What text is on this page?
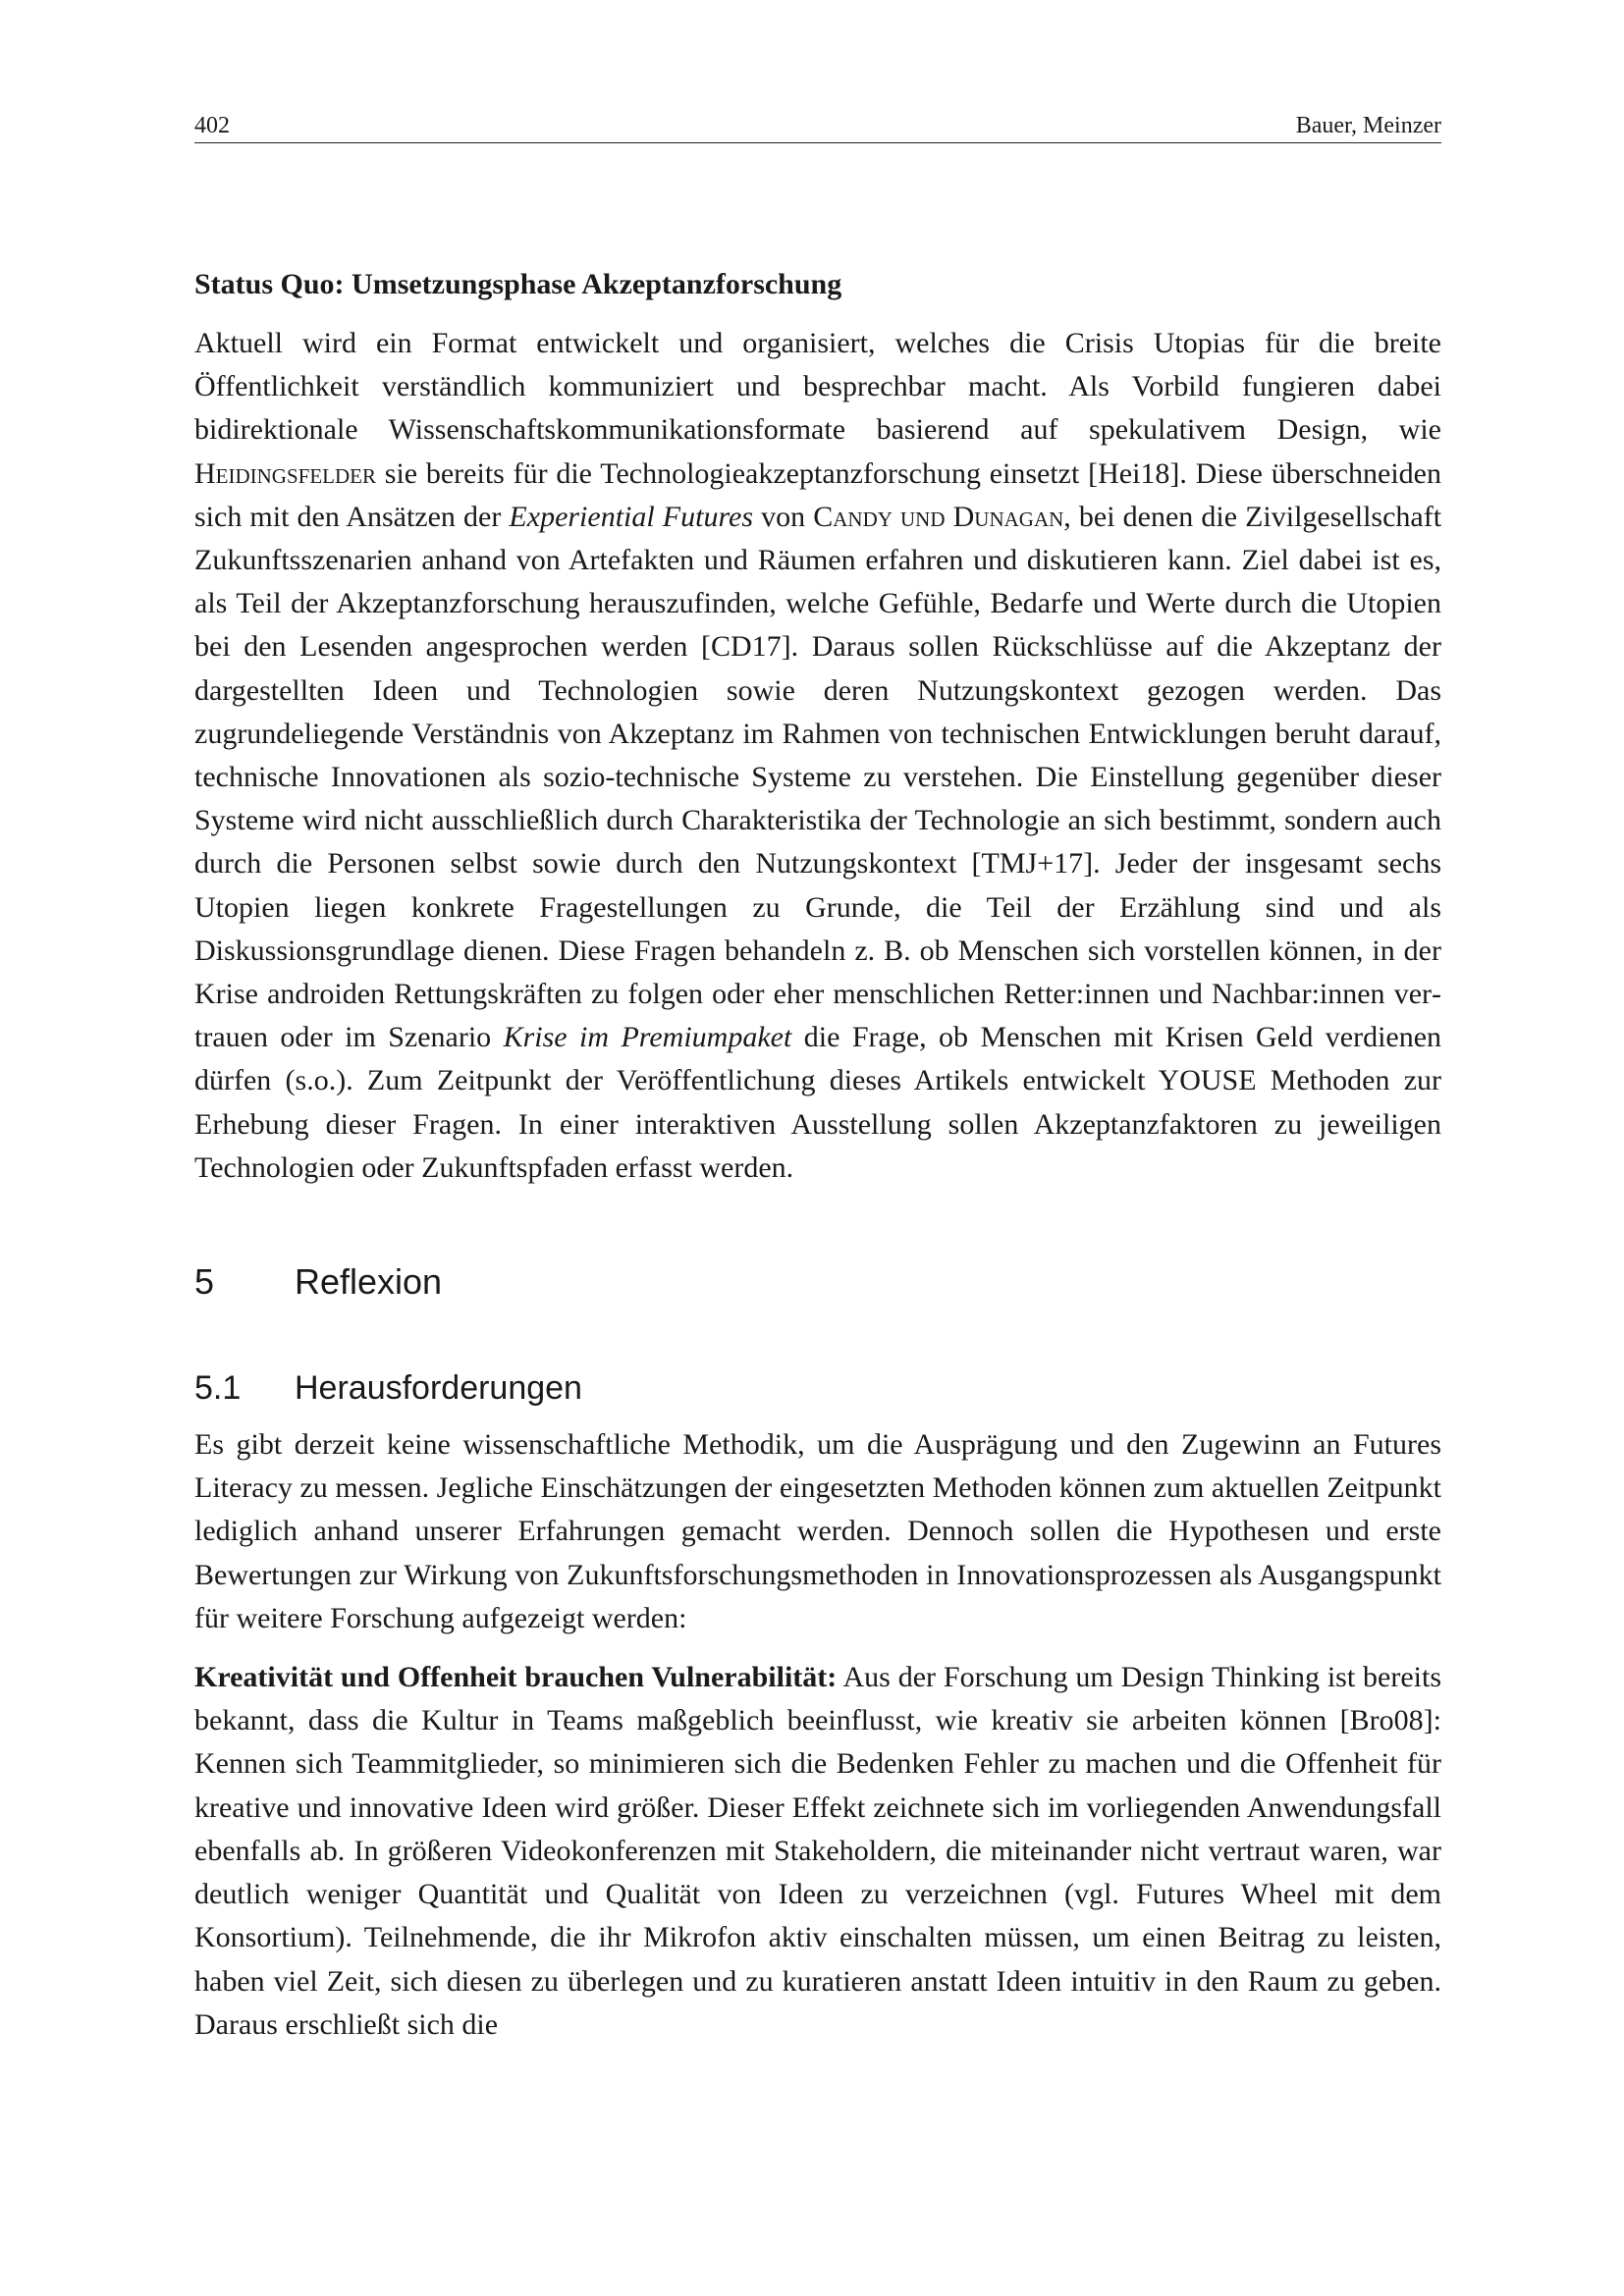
402	Bauer, Meinzer

Status Quo: Umsetzungsphase Akzeptanzforschung

Aktuell wird ein Format entwickelt und organisiert, welches die Crisis Utopias für die breite Öffentlichkeit verständlich kommuniziert und besprechbar macht. Als Vorbild fungieren dabei bidirektionale Wissenschaftskommunikationsformate basierend auf spekulativem Design, wie Heidingsfelder sie bereits für die Technologieakzeptanzforschung einsetzt [Hei18]. Diese überschneiden sich mit den Ansätzen der Experiential Futures von Candy und Dunagan, bei denen die Zivilgesellschaft Zukunftsszenarien anhand von Artefakten und Räumen erfahren und diskutieren kann. Ziel dabei ist es, als Teil der Akzeptanzforschung herauszufinden, welche Gefühle, Bedarfe und Werte durch die Utopien bei den Lesenden angesprochen werden [CD17]. Daraus sollen Rückschlüsse auf die Akzeptanz der dargestellten Ideen und Technologien sowie deren Nutzungskontext gezogen werden. Das zugrundeliegende Verständnis von Akzeptanz im Rahmen von technischen Entwicklungen beruht darauf, technische Innovationen als sozio-technische Systeme zu verstehen. Die Einstellung gegenüber dieser Systeme wird nicht ausschließlich durch Charakteristika der Technologie an sich bestimmt, sondern auch durch die Personen selbst sowie durch den Nutzungskontext [TMJ+17]. Jeder der insgesamt sechs Utopien liegen konkrete Fragestellungen zu Grunde, die Teil der Erzählung sind und als Diskussionsgrundlage dienen. Diese Fragen behandeln z. B. ob Menschen sich vorstellen können, in der Krise androiden Rettungskräften zu folgen oder eher menschlichen Retter:innen und Nachbar:innen vertrauen oder im Szenario Krise im Premiumpaket die Frage, ob Menschen mit Krisen Geld verdienen dürfen (s.o.). Zum Zeitpunkt der Veröffentlichung dieses Artikels entwickelt YOUSE Methoden zur Erhebung dieser Fragen. In einer interaktiven Ausstellung sollen Akzeptanzfaktoren zu jeweiligen Technologien oder Zukunftspfaden erfasst werden.

5	Reflexion
5.1	Herausforderungen

Es gibt derzeit keine wissenschaftliche Methodik, um die Ausprägung und den Zugewinn an Futures Literacy zu messen. Jegliche Einschätzungen der eingesetzten Methoden können zum aktuellen Zeitpunkt lediglich anhand unserer Erfahrungen gemacht werden. Dennoch sollen die Hypothesen und erste Bewertungen zur Wirkung von Zukunftsforschungsmethoden in Innovationsprozessen als Ausgangspunkt für weitere Forschung aufgezeigt werden:

Kreativität und Offenheit brauchen Vulnerabilität: Aus der Forschung um Design Thinking ist bereits bekannt, dass die Kultur in Teams maßgeblich beeinflusst, wie kreativ sie arbeiten können [Bro08]: Kennen sich Teammitglieder, so minimieren sich die Bedenken Fehler zu machen und die Offenheit für kreative und innovative Ideen wird größer. Dieser Effekt zeichnete sich im vorliegenden Anwendungsfall ebenfalls ab. In größeren Videokonferenzen mit Stakeholdern, die miteinander nicht vertraut waren, war deutlich weniger Quantität und Qualität von Ideen zu verzeichnen (vgl. Futures Wheel mit dem Konsortium). Teilnehmende, die ihr Mikrofon aktiv einschalten müssen, um einen Beitrag zu leisten, haben viel Zeit, sich diesen zu überlegen und zu kuratieren anstatt Ideen intuitiv in den Raum zu geben. Daraus erschließt sich die
